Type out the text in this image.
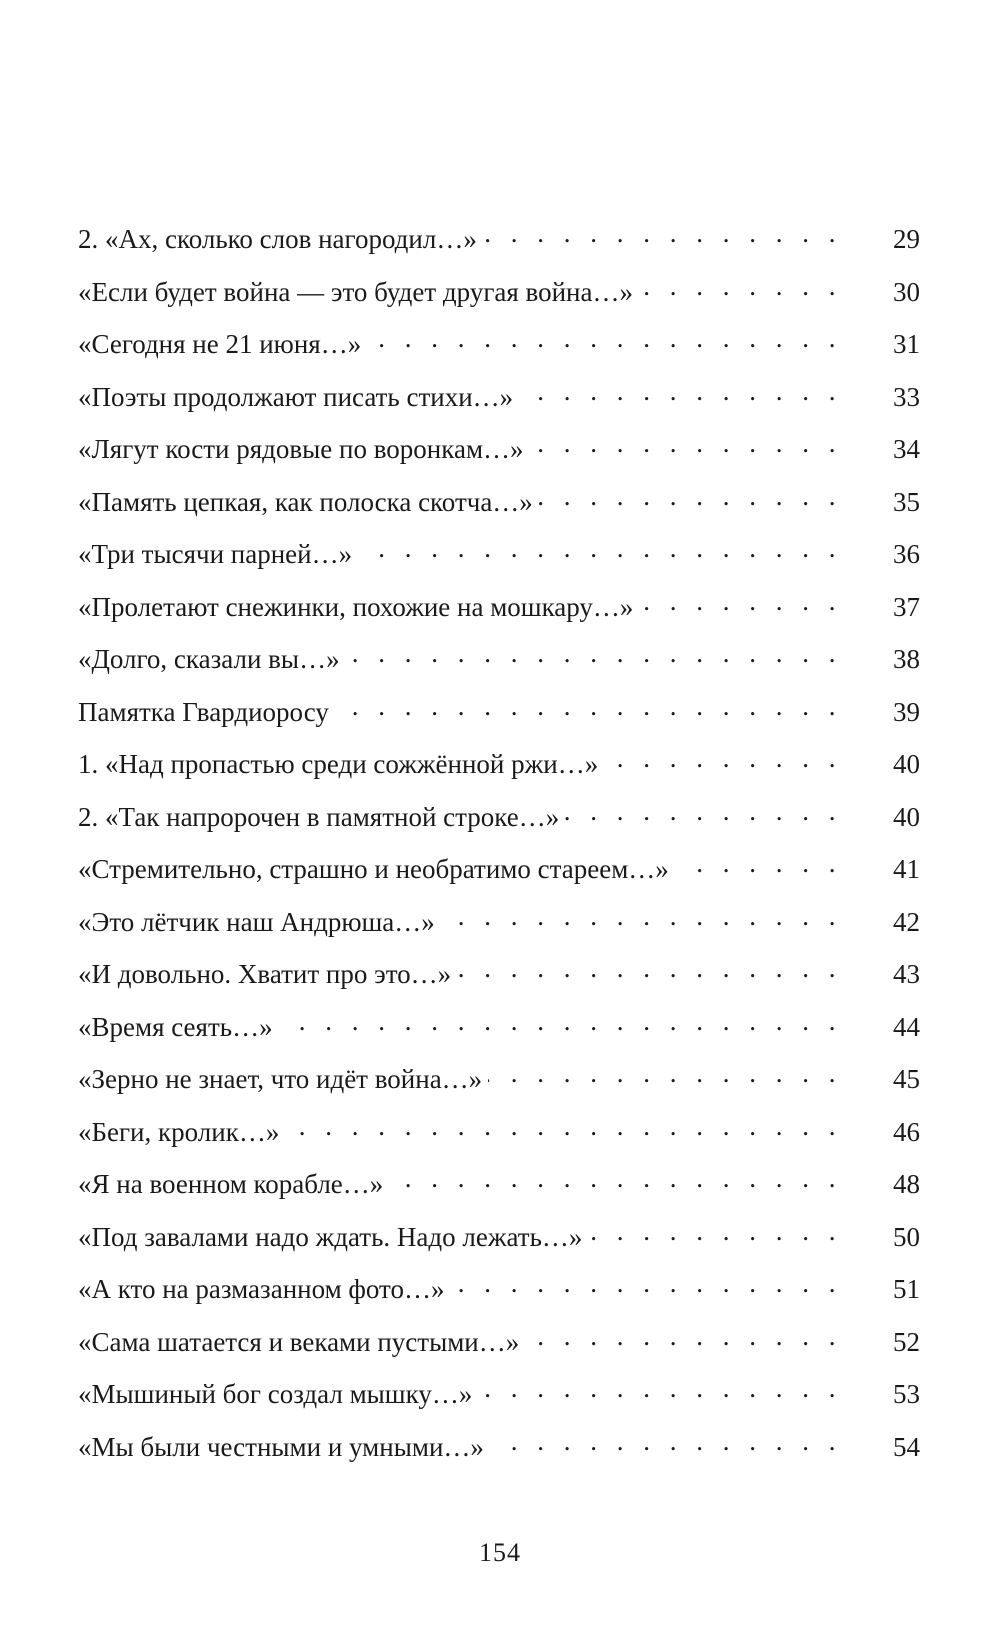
2. «Ах, сколько слов нагородил…» . . .	29
«Если будет война — это будет другая война…» . . .	30
«Сегодня не 21 июня…» . . .	31
«Поэты продолжают писать стихи…» . . .	33
«Лягут кости рядовые по воронкам…» . . .	34
«Память цепкая, как полоска скотча…» . . .	35
«Три тысячи парней…» . . .	36
«Пролетают снежинки, похожие на мошкару…» . . .	37
«Долго, сказали вы…» . . .	38
Памятка Гвардиоросу . . .	39
1. «Над пропастью среди сожжённой ржи…» . . .	40
2. «Так напророчен в памятной строке…» . . .	40
«Стремительно, страшно и необратимо стареем…» . . .	41
«Это лётчик наш Андрюша…» . . .	42
«И довольно. Хватит про это…» . . .	43
«Время сеять…» . . .	44
«Зерно не знает, что идёт война…» . . .	45
«Беги, кролик…» . . .	46
«Я на военном корабле…» . . .	48
«Под завалами надо ждать. Надо лежать…» . . .	50
«А кто на размазанном фото…» . . .	51
«Сама шатается и веками пустыми…» . . .	52
«Мышиный бог создал мышку…» . . .	53
«Мы были честными и умными…» . . .	54
154
